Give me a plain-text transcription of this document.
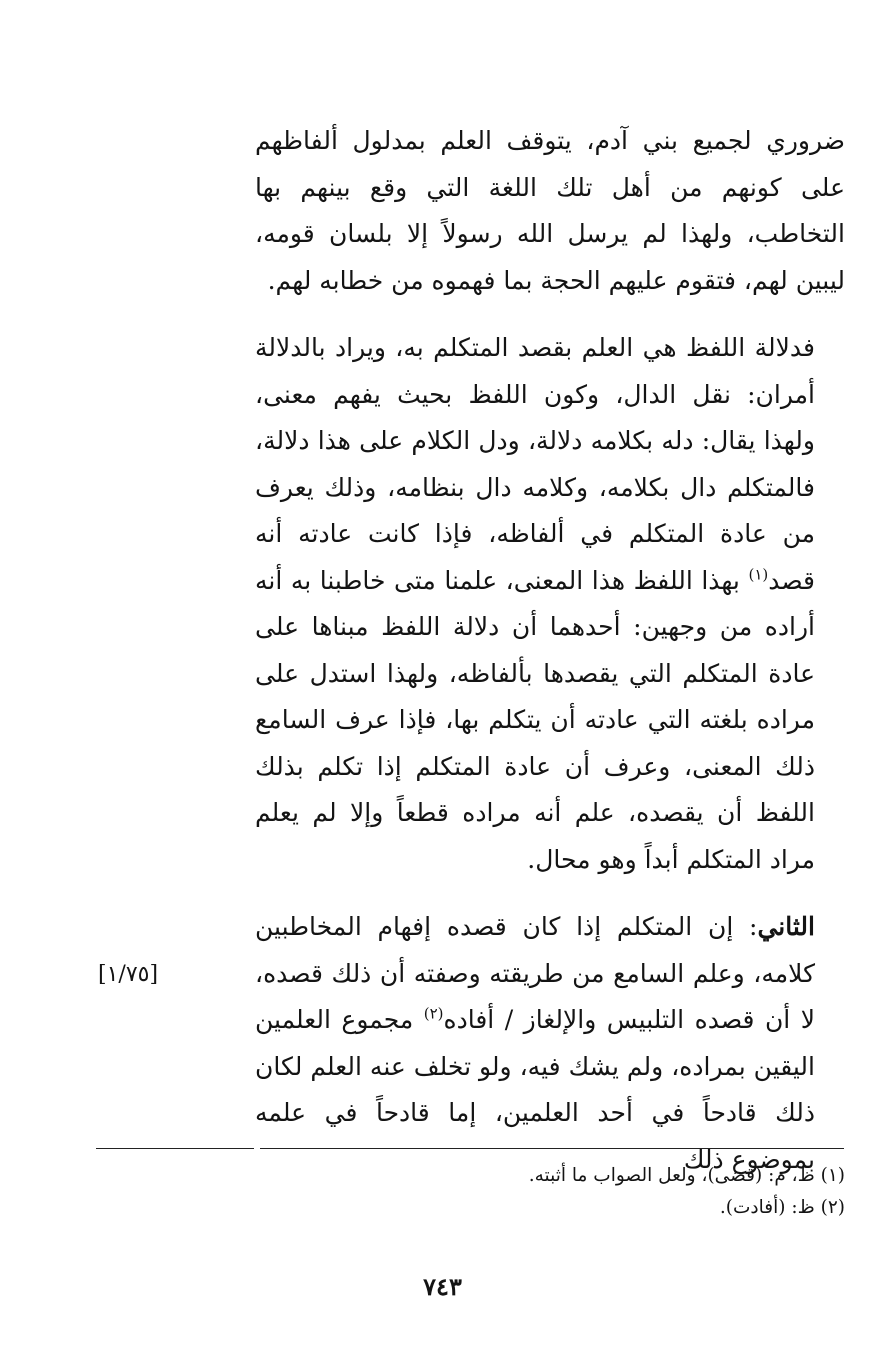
ضروري لجميع بني آدم، يتوقف العلم بمدلول ألفاظهم على كونهم من أهل تلك اللغة التي وقع بينهم بها التخاطب، ولهذا لم يرسل الله رسولاً إلا بلسان قومه، ليبين لهم، فتقوم عليهم الحجة بما فهموه من خطابه لهم.

فدلالة اللفظ هي العلم بقصد المتكلم به، ويراد بالدلالة أمران: نقل الدال، وكون اللفظ بحيث يفهم معنى، ولهذا يقال: دله بكلامه دلالة، ودل الكلام على هذا دلالة، فالمتكلم دال بكلامه، وكلامه دال بنظامه، وذلك يعرف من عادة المتكلم في ألفاظه، فإذا كانت عادته أنه قصد$^{(١)}$ بهذا اللفظ هذا المعنى، علمنا متى خاطبنا به أنه أراده من وجهين: أحدهما أن دلالة اللفظ مبناها على عادة المتكلم التي يقصدها بألفاظه، ولهذا استدل على مراده بلغته التي عادته أن يتكلم بها، فإذا عرف السامع ذلك المعنى، وعرف أن عادة المتكلم إذا تكلم بذلك اللفظ أن يقصده، علم أنه مراده قطعاً وإلا لم يعلم مراد المتكلم أبداً وهو محال.

الثاني: إن المتكلم إذا كان قصده إفهام المخاطبين كلامه، وعلم السامع من طريقته وصفته أن ذلك قصده، لا أن قصده التلبيس والإلغاز / أفاده$^{(٢)}$ مجموع العلمين اليقين بمراده، ولم يشك فيه، ولو تخلف عنه العلم لكان ذلك قادحاً في أحد العلمين، إما قادحاً في علمه بموضوع ذلك

[١/٧٥]
(١) ظ، م: (قضى)، ولعل الصواب ما أثبته.
(٢) ظ: (أفادت).
٧٤٣
